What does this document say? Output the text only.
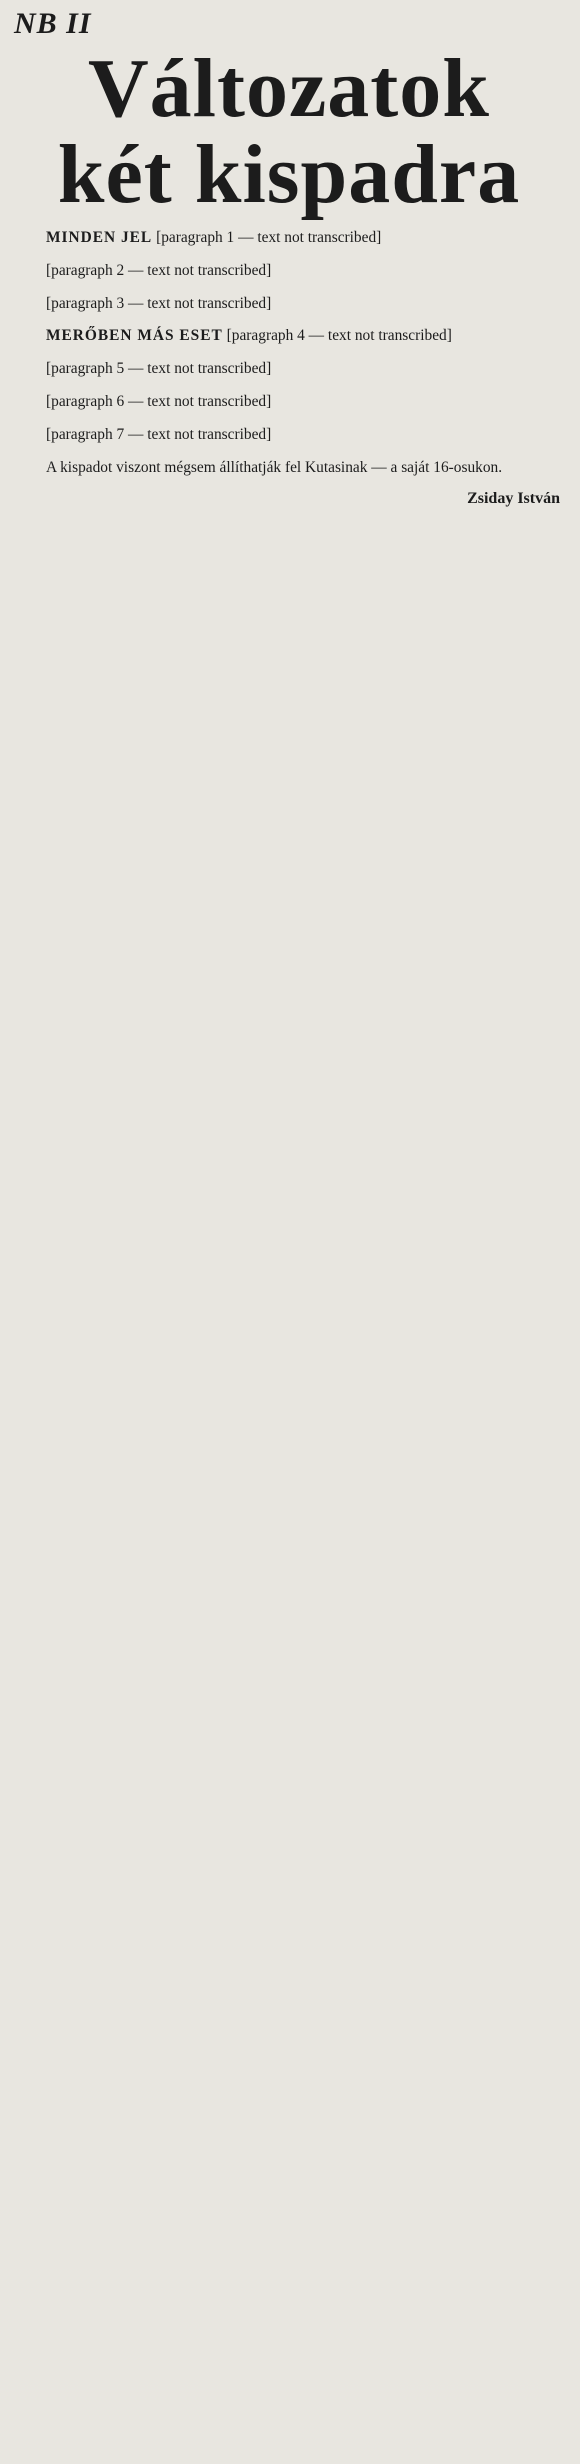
NB II
Változatok
két kispadra

MINDEN JEL [paragraph 1 — text not transcribed]

[paragraph 2 — text not transcribed]

[paragraph 3 — text not transcribed]

MERŐBEN MÁS ESET [paragraph 4 — text not transcribed]

[paragraph 5 — text not transcribed]

[paragraph 6 — text not transcribed]

[paragraph 7 — text not transcribed]

A kispadot viszont mégsem állíthatják fel Kutasinak — a saját 16-osukon.

Zsiday István
